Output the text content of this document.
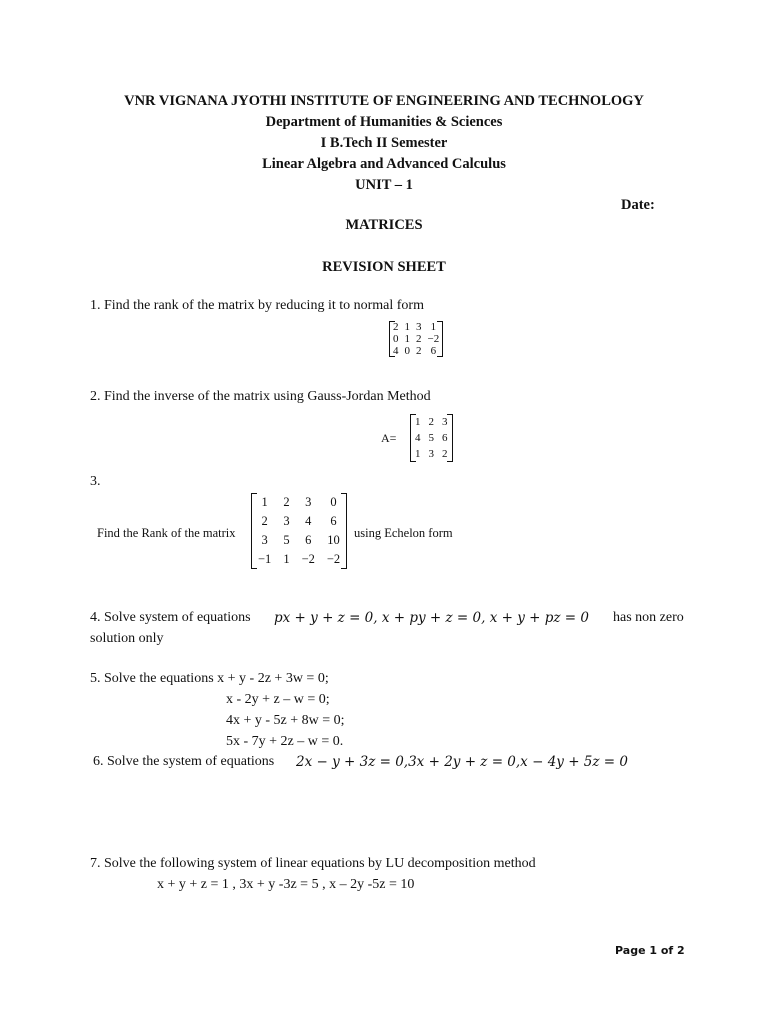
VNR VIGNANA JYOTHI INSTITUTE OF ENGINEERING AND TECHNOLOGY
Department of Humanities & Sciences
I B.Tech II Semester
Linear Algebra and Advanced Calculus
UNIT – 1
Date:
MATRICES
REVISION SHEET
1. Find the rank of the matrix by reducing it to normal form
2	1	3	1
0	1	2	−2
4	0	2	6
2. Find the inverse of the matrix using Gauss-Jordan Method
A=
1	2	3
4	5	6
1	3	2
3.
Find the Rank of the matrix
1	2	3	0
2	3	4	6
3	5	6	10
−1	1	−2	−2
using Echelon form
4. Solve system of equations px + y + z = 0, x + py + z = 0, x + y + pz = 0 has non zero
solution only
5. Solve the equations x + y - 2z + 3w = 0;
x - 2y + z – w = 0;
4x + y - 5z + 8w = 0;
5x - 7y + 2z – w = 0.
6. Solve the system of equations 2x − y + 3z = 0,3x + 2y + z = 0,x − 4y + 5z = 0
7. Solve the following system of linear equations by LU decomposition method
x + y + z = 1 , 3x + y -3z = 5 , x – 2y -5z = 10
Page 1 of 2
